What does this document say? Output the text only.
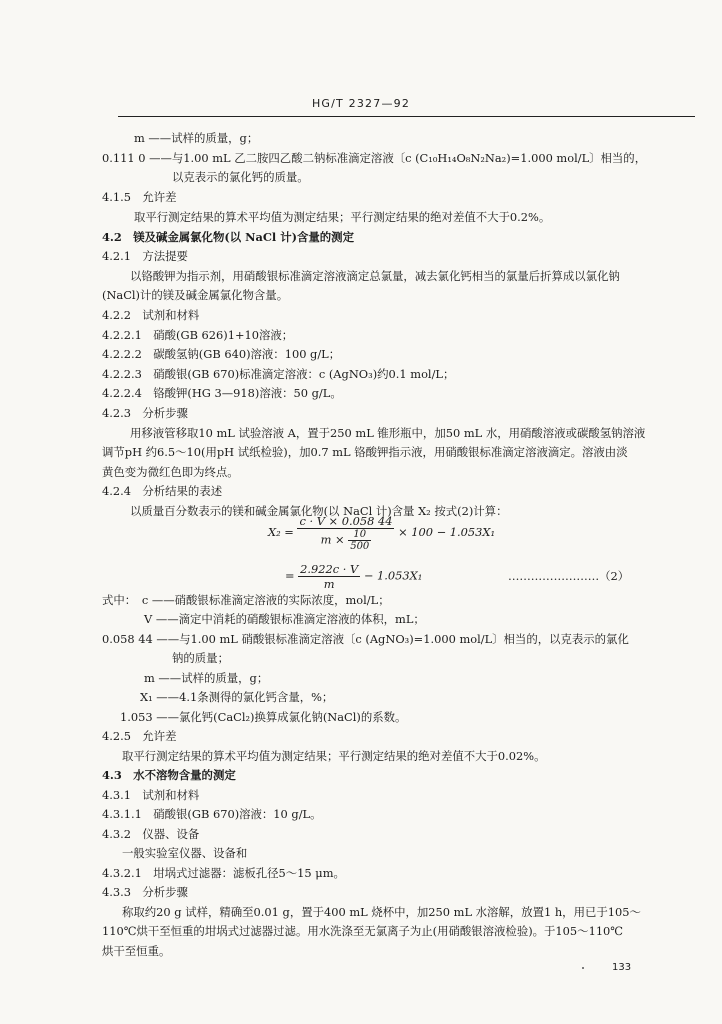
HG/T 2327—92
m ——试样的质量，g；
0.111 0 ——与1.00 mL 乙二胺四乙酸二钠标准滴定溶液〔c (C₁₀H₁₄O₈N₂Na₂)=1.000 mol/L〕相当的，
以克表示的氯化钙的质量。
4.1.5　允许差
取平行测定结果的算术平均值为测定结果；平行测定结果的绝对差值不大于0.2%。
4.2　镁及碱金属氯化物(以 NaCl 计)含量的测定
4.2.1　方法提要
以铬酸钾为指示剂，用硝酸银标准滴定溶液滴定总氯量，减去氯化钙相当的氯量后折算成以氯化钠
(NaCl)计的镁及碱金属氯化物含量。
4.2.2　试剂和材料
4.2.2.1　硝酸(GB 626)1+10溶液；
4.2.2.2　碳酸氢钠(GB 640)溶液：100 g/L；
4.2.2.3　硝酸银(GB 670)标准滴定溶液：c (AgNO₃)约0.1 mol/L；
4.2.2.4　铬酸钾(HG 3—918)溶液：50 g/L。
4.2.3　分析步骤
用移液管移取10 mL 试验溶液 A，置于250 mL 锥形瓶中，加50 mL 水，用硝酸溶液或碳酸氢钠溶液
调节pH 约6.5～10(用pH 试纸检验)，加0.7 mL 铬酸钾指示液，用硝酸银标准滴定溶液滴定。溶液由淡
黄色变为微红色即为终点。
4.2.4　分析结果的表述
以质量百分数表示的镁和碱金属氯化物(以 NaCl 计)含量 X₂ 按式(2)计算：
$X_2 = \frac{c \cdot V \times 0.058 44}{m \times \frac{10}{500}} \times 100 - 1.053X_1$
= $\frac{2.922c \cdot V}{m} - 1.053X_1$	……………………（2）
式中：　c ——硝酸银标准滴定溶液的实际浓度，mol/L；
V ——滴定中消耗的硝酸银标准滴定溶液的体积，mL；
0.058 44 ——与1.00 mL 硝酸银标准滴定溶液〔c (AgNO₃)=1.000 mol/L〕相当的，以克表示的氯化
钠的质量；
m ——试样的质量，g；
X₁ ——4.1条测得的氯化钙含量，%；
1.053 ——氯化钙(CaCl₂)换算成氯化钠(NaCl)的系数。
4.2.5　允许差
取平行测定结果的算术平均值为测定结果；平行测定结果的绝对差值不大于0.02%。
4.3　水不溶物含量的测定
4.3.1　试剂和材料
4.3.1.1　硝酸银(GB 670)溶液：10 g/L。
4.3.2　仪器、设备
一般实验室仪器、设备和
4.3.2.1　坩埚式过滤器：滤板孔径5～15 μm。
4.3.3　分析步骤
称取约20 g 试样，精确至0.01 g，置于400 mL 烧杯中，加250 mL 水溶解，放置1 h，用已于105～
110℃烘干至恒重的坩埚式过滤器过滤。用水洗涤至无氯离子为止(用硝酸银溶液检验)。于105～110℃
烘干至恒重。
133
